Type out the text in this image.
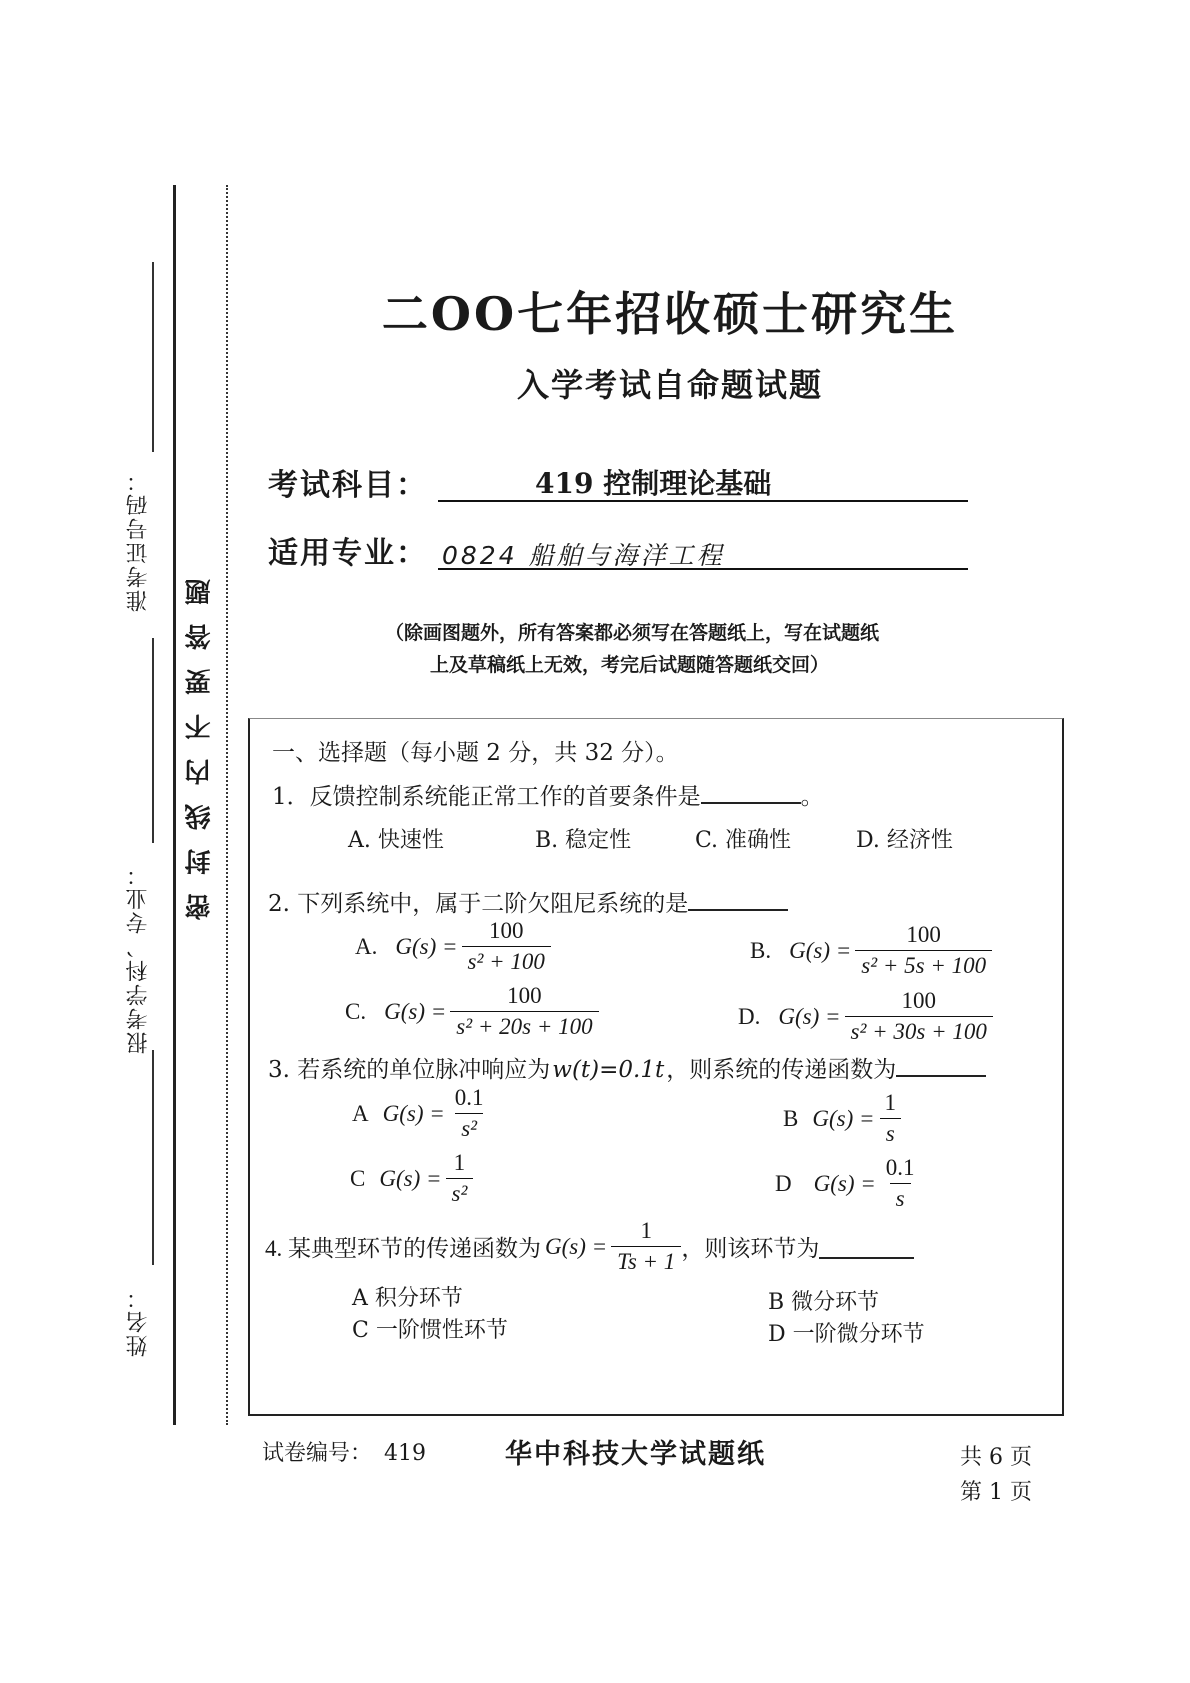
准考证号码：
报考学科、专业：
姓名：
密封线内不要答题
二OO七年招收硕士研究生
入学考试自命题试题
考试科目：	419 控制理论基础
适用专业： 0824 船舶与海洋工程
（除画图题外，所有答案都必须写在答题纸上，写在试题纸
上及草稿纸上无效，考完后试题随答题纸交回）
一、选择题（每小题 2 分，共 32 分）。
1．反馈控制系统能正常工作的首要条件是	。
A. 快速性	B. 稳定性	C. 准确性	D. 经济性
2. 下列系统中，属于二阶欠阻尼系统的是
A. $G(s) = \frac{100}{\text{s² + 100}}$	B. $G(s) = \frac{100}{\text{s² + 5s + 100}}$
C. $G(s) = \frac{100}{\text{s² + 20s + 100}}$	D. $G(s) = \frac{100}{\text{s² + 30s + 100}}$
3. 若系统的单位脉冲响应为w(t)=0.1t，则系统的传递函数为
A $G(s) = \frac{0.1}{\text{s²}}$	B $G(s) = \frac{1}{s}$
C $G(s) = \frac{1}{\text{s²}}$	D $G(s) = \frac{0.1}{s}$
4. 某典型环节的传递函数为 $G(s) = \frac{1}{Ts + 1}$ ，则该环节为
A 积分环节	B 微分环节
C 一阶惯性环节	D 一阶微分环节
试卷编号： 419	华中科技大学试题纸	共 6 页
第 1 页
